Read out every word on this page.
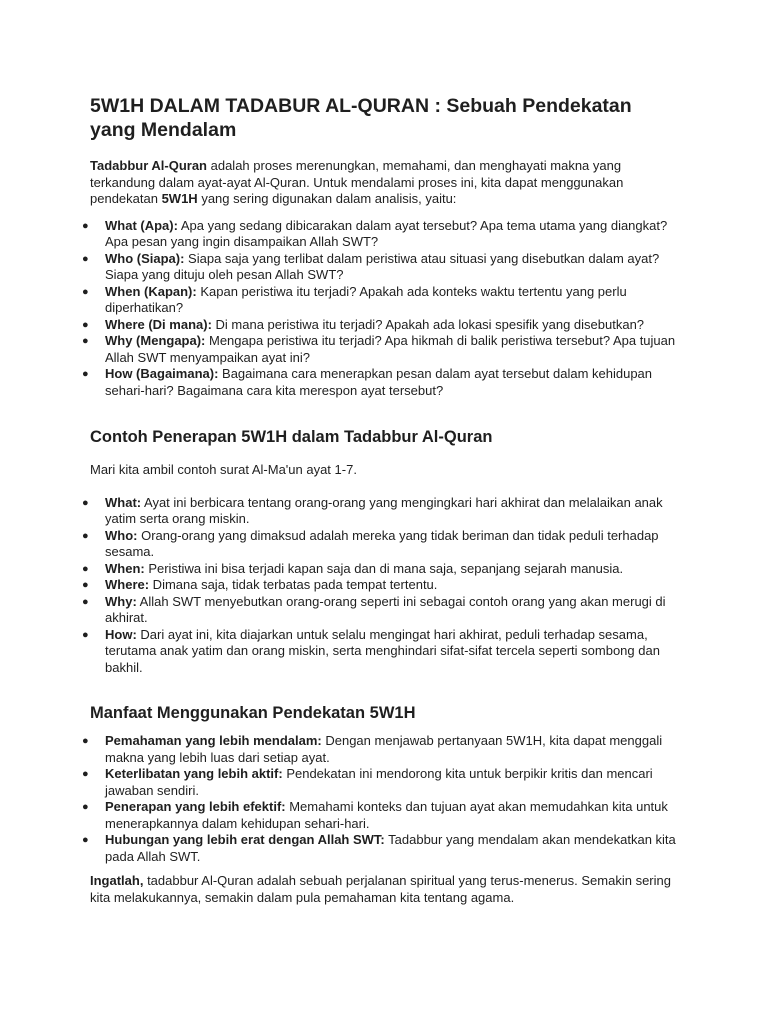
5W1H DALAM TADABUR AL-QURAN : Sebuah Pendekatan yang Mendalam

Tadabbur Al-Quran adalah proses merenungkan, memahami, dan menghayati makna yang terkandung dalam ayat-ayat Al-Quran. Untuk mendalami proses ini, kita dapat menggunakan pendekatan 5W1H yang sering digunakan dalam analisis, yaitu:

● What (Apa): Apa yang sedang dibicarakan dalam ayat tersebut? Apa tema utama yang diangkat? Apa pesan yang ingin disampaikan Allah SWT?
● Who (Siapa): Siapa saja yang terlibat dalam peristiwa atau situasi yang disebutkan dalam ayat? Siapa yang dituju oleh pesan Allah SWT?
● When (Kapan): Kapan peristiwa itu terjadi? Apakah ada konteks waktu tertentu yang perlu diperhatikan?
● Where (Di mana): Di mana peristiwa itu terjadi? Apakah ada lokasi spesifik yang disebutkan?
● Why (Mengapa): Mengapa peristiwa itu terjadi? Apa hikmah di balik peristiwa tersebut? Apa tujuan Allah SWT menyampaikan ayat ini?
● How (Bagaimana): Bagaimana cara menerapkan pesan dalam ayat tersebut dalam kehidupan sehari-hari? Bagaimana cara kita merespon ayat tersebut?
Contoh Penerapan 5W1H dalam Tadabbur Al-Quran

Mari kita ambil contoh surat Al-Ma'un ayat 1-7.

● What: Ayat ini berbicara tentang orang-orang yang mengingkari hari akhirat dan melalaikan anak yatim serta orang miskin.
● Who: Orang-orang yang dimaksud adalah mereka yang tidak beriman dan tidak peduli terhadap sesama.
● When: Peristiwa ini bisa terjadi kapan saja dan di mana saja, sepanjang sejarah manusia.
● Where: Dimana saja, tidak terbatas pada tempat tertentu.
● Why: Allah SWT menyebutkan orang-orang seperti ini sebagai contoh orang yang akan merugi di akhirat.
● How: Dari ayat ini, kita diajarkan untuk selalu mengingat hari akhirat, peduli terhadap sesama, terutama anak yatim dan orang miskin, serta menghindari sifat-sifat tercela seperti sombong dan bakhil.
Manfaat Menggunakan Pendekatan 5W1H
● Pemahaman yang lebih mendalam: Dengan menjawab pertanyaan 5W1H, kita dapat menggali makna yang lebih luas dari setiap ayat.
● Keterlibatan yang lebih aktif: Pendekatan ini mendorong kita untuk berpikir kritis dan mencari jawaban sendiri.
● Penerapan yang lebih efektif: Memahami konteks dan tujuan ayat akan memudahkan kita untuk menerapkannya dalam kehidupan sehari-hari.
● Hubungan yang lebih erat dengan Allah SWT: Tadabbur yang mendalam akan mendekatkan kita pada Allah SWT.

Ingatlah, tadabbur Al-Quran adalah sebuah perjalanan spiritual yang terus-menerus. Semakin sering kita melakukannya, semakin dalam pula pemahaman kita tentang agama.
